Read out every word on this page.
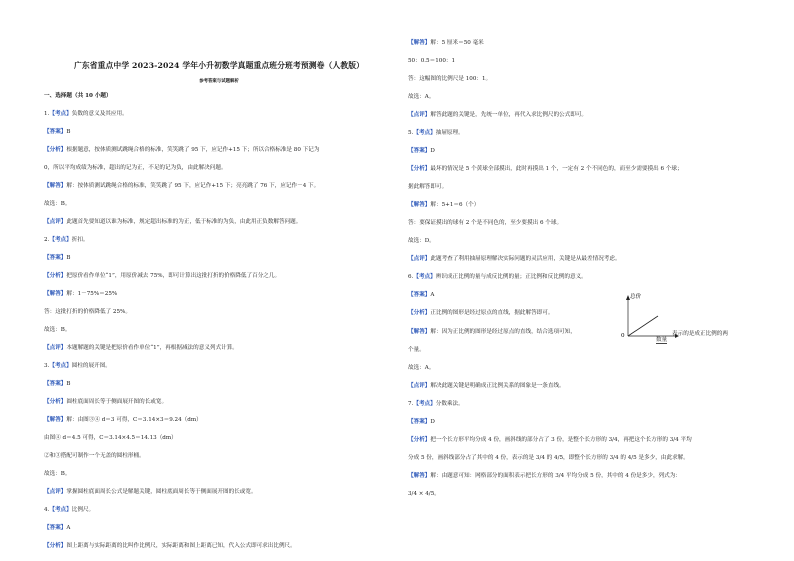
广东省重点中学 2023-2024 学年小升初数学真题重点班分班考预测卷（人教版）
参考答案与试题解析
一、选择题（共 10 小题）
1.【考点】负数的意义及其应用。
【答案】B
【分析】根据题意，按体质测试跳绳合格的标准，笑笑跳了 95 下，应记作+15 下；所以合格标准是 80 下记为
0，所以平均成绩为标准，超出的记为正，不足的记为负，由此解决问题。
【解答】解：按体质测试跳绳合格的标准，笑笑跳了 95 下，应记作+15 下；亮亮跳了 76 下，应记作－4 下。
故选：B。
【点评】此题首先要知道以谁为标准，规定超出标准的为正，低于标准的为负，由此用正负数解答问题。
2.【考点】折扣。
【答案】B
【分析】把原价看作单位“1”，用原价减去 75%，即可计算出这批打折的价格降低了百分之几。
【解答】解：1－75%＝25%
答：这批打折的价格降低了 25%。
故选：B。
【点评】本题解题的关键是把原价看作单位“1”，再根据减法的意义列式计算。
3.【考点】圆柱的展开图。
【答案】B
【分析】圆柱底面周长等于侧面展开图的长或宽。
【解答】解：由图③④ d＝3 可得，C＝3.14×3＝9.24（dm）
由图④ d＝4.5 可得，C＝3.14×4.5＝14.13（dm）
②和③搭配可制作一个无盖的圆柱形桶。
故选：B。
【点评】掌握圆柱底面周长公式是解题关键，圆柱底面周长等于侧面展开图的长或宽。
4.【考点】比例尺。
【答案】A
【分析】图上距离与实际距离的比叫作比例尺，实际距离和图上距离已知，代入公式即可求出比例尺。
【解答】解：5 厘米＝50 毫米
50：0.5＝100：1
答：这幅图的比例尺是 100：1。
故选：A。
【点评】解答此题的关键是，先统一单位，再代入求比例尺的公式即可。
5.【考点】抽屉原理。
【答案】D
【分析】最坏的情况是 5 个黄球全部摸出，此时再摸出 1 个，一定有 2 个不同色的，而至少需要摸出 6 个球；
据此解答即可。
【解答】解：5+1＝6（个）
答：要保证摸出的球有 2 个是不同色的，至少要摸出 6 个球。
故选：D。
【点评】此题考查了利用抽屉原理解决实际问题的灵活应用，关键是从最差情况考虑。
6.【考点】辨识成正比例的量与成反比例的量；正比例和反比例的意义。
【答案】A
【分析】正比例的图形是经过原点的直线，据此解答即可。
【解答】解：因为正比例的图形是经过原点的直线，结合选项可知，
个量。
故选：A。
【点评】解决此题关键是明确成正比例关系的图象是一条直线。
7.【考点】分数乘法。
【答案】D
【分析】把一个长方形平均分成 4 份，画斜线的部分占了 3 份，是整个长方形的 3/4，再把这个长方形的 3/4 平均
分成 5 份，画斜线部分占了其中的 4 份，表示的是 3/4 的 4/5，即整个长方形的 3/4 的 4/5 是多少，由此求解。
【解答】解：由题意可知：网格部分的面积表示把长方形的 3/4 平均分成 5 份，其中的 4 份是多少，列式为：
3/4 × 4/5。
总价
0
数量
表示的是成正比例的两
